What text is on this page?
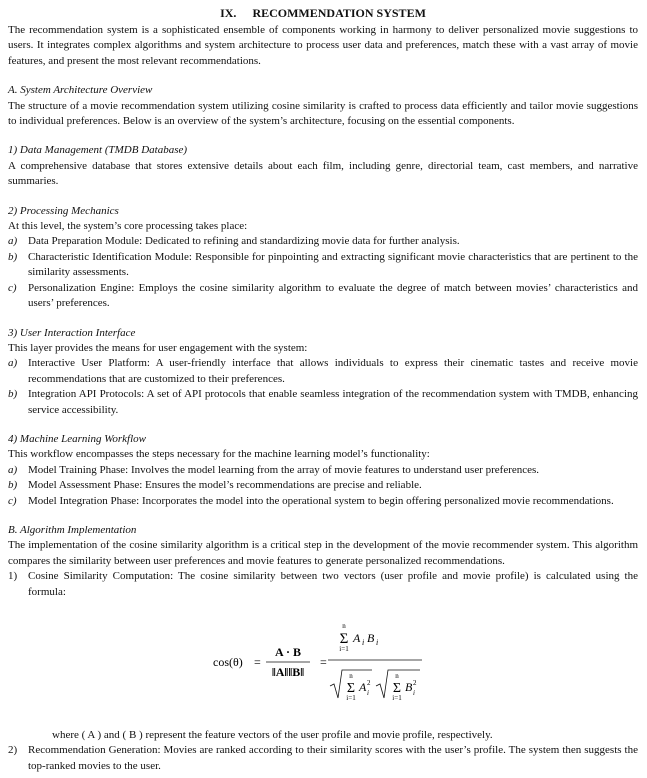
IX. RECOMMENDATION SYSTEM

The recommendation system is a sophisticated ensemble of components working in harmony to deliver personalized movie suggestions to users. It integrates complex algorithms and system architecture to process user data and preferences, match these with a vast array of movie features, and present the most relevant recommendations.

A. System Architecture Overview

The structure of a movie recommendation system utilizing cosine similarity is crafted to process data efficiently and tailor movie suggestions to individual preferences. Below is an overview of the system’s architecture, focusing on the essential components.

1) Data Management (TMDB Database)

A comprehensive database that stores extensive details about each film, including genre, directorial team, cast members, and narrative summaries.

2) Processing Mechanics

At this level, the system’s core processing takes place:

a) Data Preparation Module: Dedicated to refining and standardizing movie data for further analysis.
b) Characteristic Identification Module: Responsible for pinpointing and extracting significant movie characteristics that are pertinent to the similarity assessments.
c)	Personalization Engine: Employs the cosine similarity algorithm to evaluate the degree of match between movies’ characteristics and users’ preferences.

3) User Interaction Interface

This layer provides the means for user engagement with the system:

a) Interactive User Platform: A user-friendly interface that allows individuals to express their cinematic tastes and receive movie recommendations that are customized to their preferences.
b) Integration API Protocols: A set of API protocols that enable seamless integration of the recommendation system with TMDB, enhancing service accessibility.

4) Machine Learning Workflow

This workflow encompasses the steps necessary for the machine learning model’s functionality:

a) Model Training Phase: Involves the model learning from the array of movie features to understand user preferences.
b) Model Assessment Phase: Ensures the model’s recommendations are precise and reliable.
c)	Model Integration Phase: Incorporates the model into the operational system to begin offering personalized movie recommendations.

B. Algorithm Implementation

The implementation of the cosine similarity algorithm is a critical step in the development of the movie recommender system. This algorithm compares the similarity between user preferences and movie features to generate personalized recommendations.

1) Cosine Similarity Computation: The cosine similarity between two vectors (user profile and movie profile) is calculated using the formula:
cos(θ) =
A · B
‖A‖‖B‖
=
n
Σ
i=1
A i B i
n
Σ
i=1
A 2
i
n
Σ
i=1
B 2
i

where ( A ) and ( B ) represent the feature vectors of the user profile and movie profile, respectively.

2) Recommendation Generation: Movies are ranked according to their similarity scores with the user’s profile. The system then suggests the top-ranked movies to the user.
